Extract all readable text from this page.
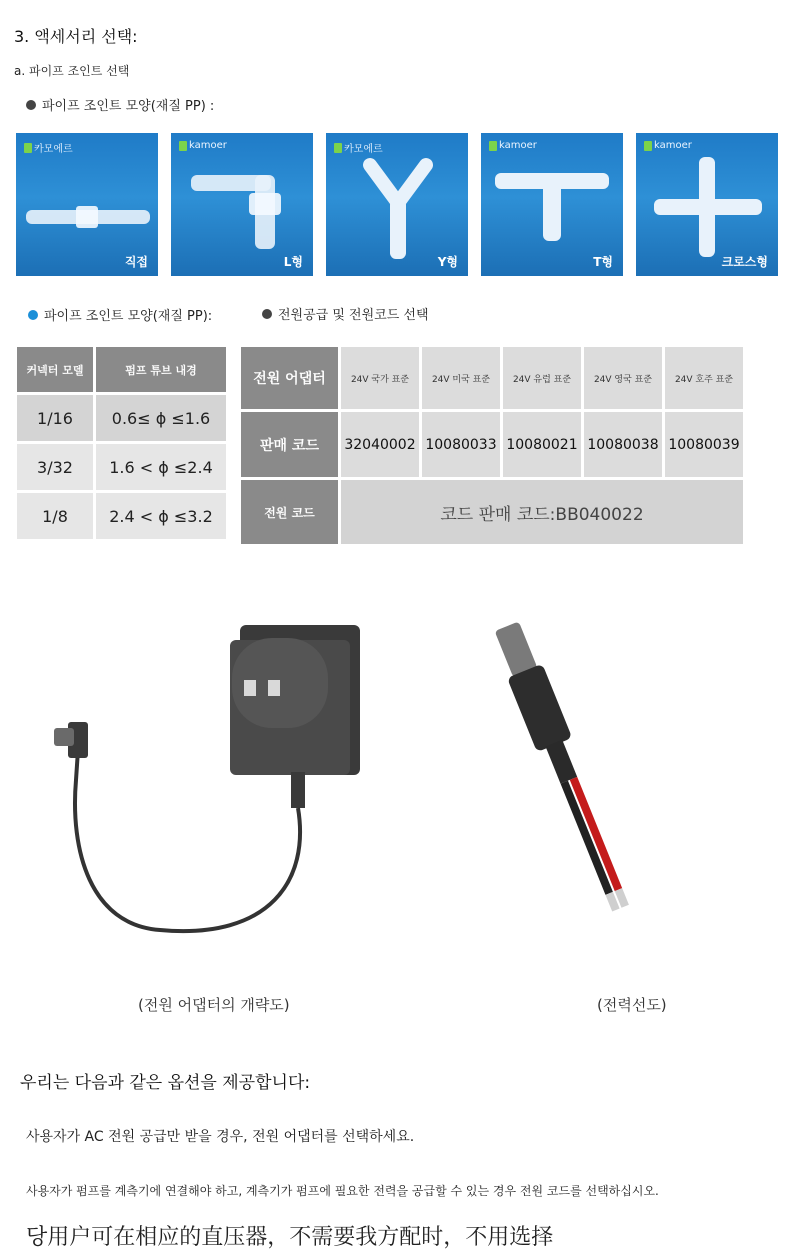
3. 액세서리 선택:
a. 파이프 조인트 선택
파이프 조인트 모양(재질 PP) :
카모에르
직접
kamoer
L형
카모에르
Y형
kamoer
T형
kamoer
크로스형
파이프 조인트 모양(재질 PP):	전원공급 및 전원코드 선택
커넥터 모델	펌프 튜브 내경
1/16	0.6≤ ϕ ≤1.6
3/32	1.6 < ϕ ≤2.4
1/8	2.4 < ϕ ≤3.2
전원 어댑터	24V 국가 표준	24V 미국 표준	24V 유럽 표준	24V 영국 표준	24V 호주 표준
판매 코드	32040002	10080033	10080021	10080038	10080039
전원 코드	코드 판매 코드:BB040022				
(전원 어댑터의 개략도)	(전력선도)
우리는 다음과 같은 옵션을 제공합니다:
사용자가 AC 전원 공급만 받을 경우, 전원 어댑터를 선택하세요.
사용자가 펌프를 계측기에 연결해야 하고, 계측기가 펌프에 필요한 전력을 공급할 수 있는 경우 전원 코드를 선택하십시오.
당用户可在相应的直压器，不需要我方配时，不用选择
